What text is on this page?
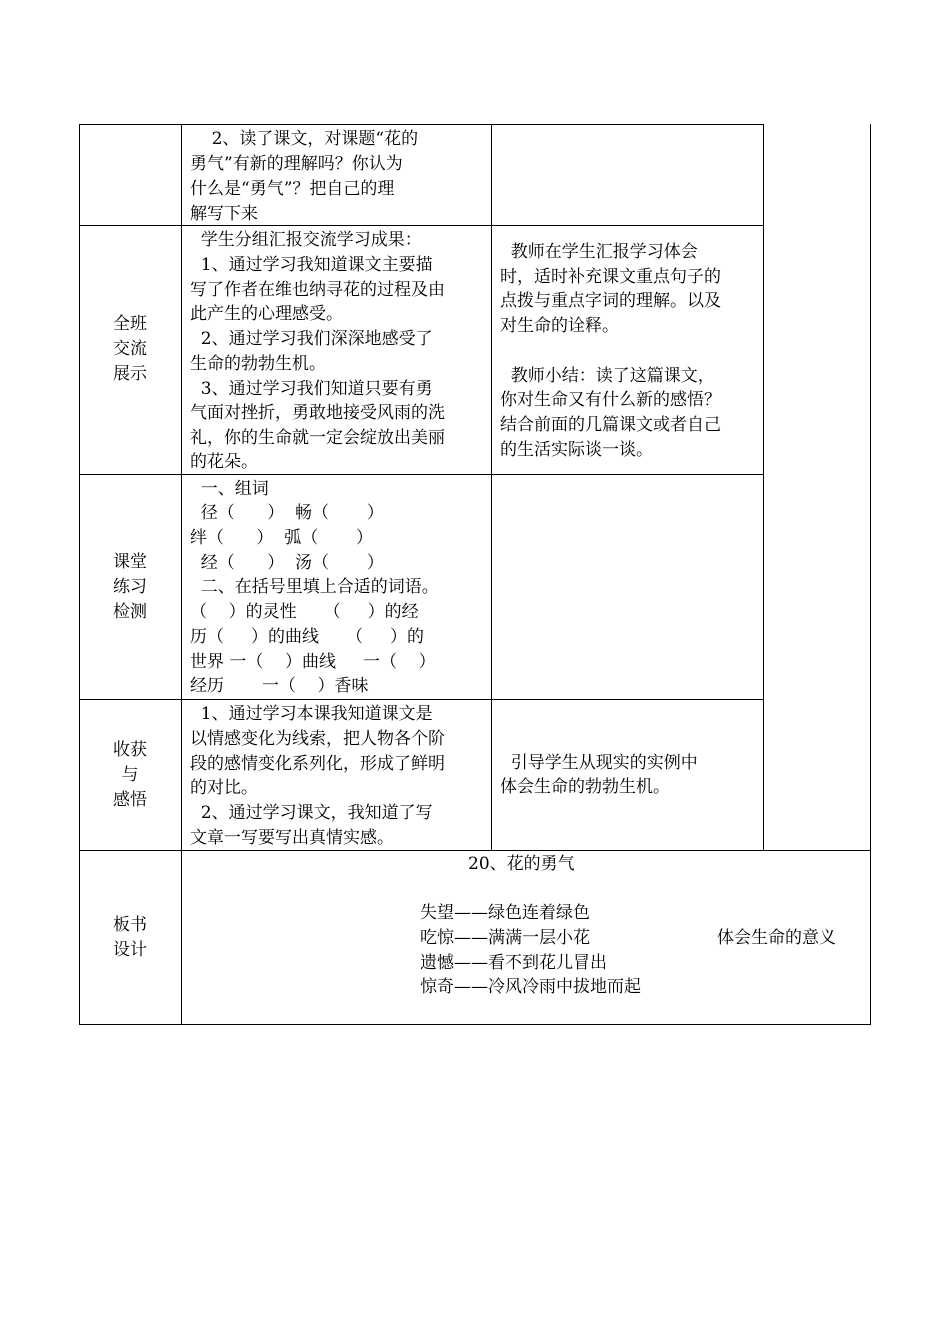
2、读了课文，对课题“花的
勇气”有新的理解吗？你认为
什么是“勇气”？把自己的理
解写下来
全班
交流
展示
学生分组汇报交流学习成果：
1、通过学习我知道课文主要描
写了作者在维也纳寻花的过程及由
此产生的心理感受。
2、通过学习我们深深地感受了
生命的勃勃生机。
3、通过学习我们知道只要有勇
气面对挫折，勇敢地接受风雨的洗
礼，你的生命就一定会绽放出美丽
的花朵。
教师在学生汇报学习体会
时，适时补充课文重点句子的
点拨与重点字词的理解。以及
对生命的诠释。
教师小结：读了这篇课文，
你对生命又有什么新的感悟？
结合前面的几篇课文或者自己
的生活实际谈一谈。
课堂
练习
检测
一、组词
径（      ）  畅（       ）
绊（      ）  弧（       ）
经（      ）  汤（       ）
二、在括号里填上合适的词语。
（    ）的灵性     （     ）的经
历（     ）的曲线     （     ）的
世界 一（    ）曲线     一（    ）
经历       一（    ）香味
收获
与
感悟
1、通过学习本课我知道课文是
以情感变化为线索，把人物各个阶
段的感情变化系列化，形成了鲜明
的对比。
2、通过学习课文，我知道了写
文章一写要写出真情实感。
引导学生从现实的实例中
体会生命的勃勃生机。
板书
设计
20、花的勇气
失望——绿色连着绿色
吃惊——满满一层小花
遗憾——看不到花儿冒出
惊奇——冷风冷雨中拔地而起
体会生命的意义
